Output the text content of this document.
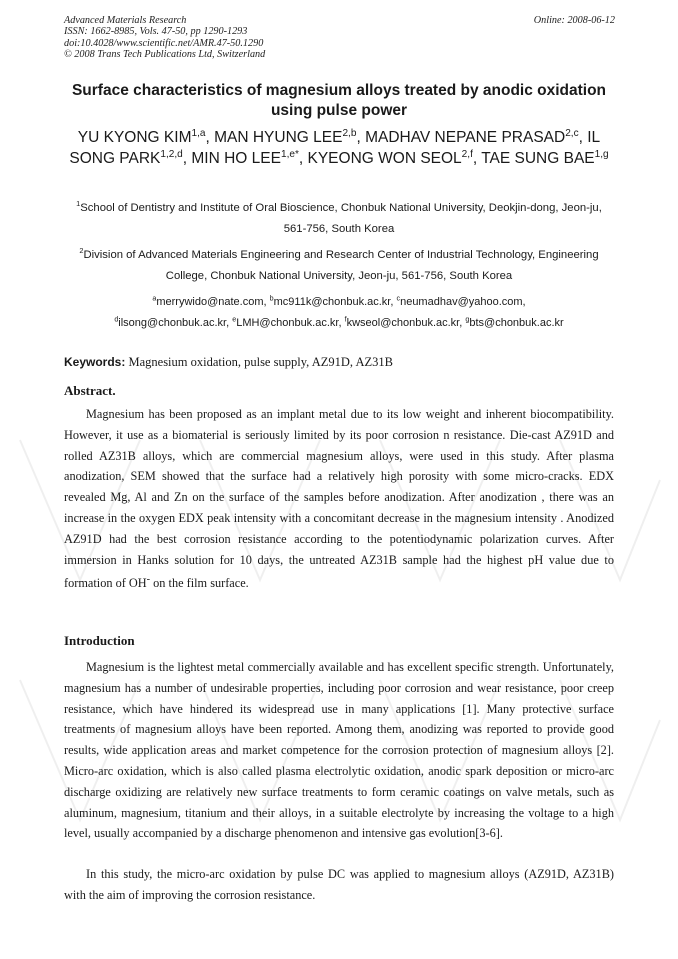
Advanced Materials Research
ISSN: 1662-8985, Vols. 47-50, pp 1290-1293
doi:10.4028/www.scientific.net/AMR.47-50.1290
© 2008 Trans Tech Publications Ltd, Switzerland
Online: 2008-06-12
Surface characteristics of magnesium alloys treated by anodic oxidation using pulse power

YU KYONG KIM$^{1,a}$, MAN HYUNG LEE$^{2,b}$, MADHAV NEPANE PRASAD$^{2,c}$, IL SONG PARK$^{1,2,d}$, MIN HO $LEE^{1,e*}$, KYEONG WON SEOL$^{2,f}$, TAE SUNG BAE$^{1,g}$

$^1$School of Dentistry and Institute of Oral Bioscience, Chonbuk National University, Deokjin-dong, Jeon-ju, 561-756, South Korea

$^2$Division of Advanced Materials Engineering and Research Center of Industrial Technology, Engineering College, Chonbuk National University, Jeon-ju, 561-756, South Korea

$^a$merrywido@nate.com, $^b$mc911k@chonbuk.ac.kr, $^c$neumadhav@yahoo.com,
$^d$ilsong@chonbuk.ac.kr, $^e$LMH@chonbuk.ac.kr, $^f$kwseol@chonbuk.ac.kr, $^g$bts@chonbuk.ac.kr

Keywords: Magnesium oxidation, pulse supply, AZ91D, AZ31B

Abstract.

Magnesium has been proposed as an implant metal due to its low weight and inherent biocompatibility. However, it use as a biomaterial is seriously limited by its poor corrosion n resistance. Die-cast AZ91D and rolled AZ31B alloys, which are commercial magnesium alloys, were used in this study. After plasma anodization, SEM showed that the surface had a relatively high porosity with some micro-cracks. EDX revealed Mg, Al and Zn on the surface of the samples before anodization. After anodization , there was an increase in the oxygen EDX peak intensity with a concomitant decrease in the magnesium intensity . Anodized AZ91D had the best corrosion resistance according to the potentiodynamic polarization curves. After immersion in Hanks solution for 10 days, the untreated AZ31B sample had the highest pH value due to formation of OH- on the film surface.

Introduction

Magnesium is the lightest metal commercially available and has excellent specific strength. Unfortunately, magnesium has a number of undesirable properties, including poor corrosion and wear resistance, poor creep resistance, which have hindered its widespread use in many applications [1]. Many protective surface treatments of magnesium alloys have been reported. Among them, anodizing was reported to provide good results, wide application areas and market competence for the corrosion protection of magnesium alloys [2]. Micro-arc oxidation, which is also called plasma electrolytic oxidation, anodic spark deposition or micro-arc discharge oxidizing are relatively new surface treatments to form ceramic coatings on valve metals, such as aluminum, magnesium, titanium and their alloys, in a suitable electrolyte by increasing the voltage to a high level, usually accompanied by a discharge phenomenon and intensive gas evolution[3-6].

In this study, the micro-arc oxidation by pulse DC was applied to magnesium alloys (AZ91D, AZ31B) with the aim of improving the corrosion resistance.
